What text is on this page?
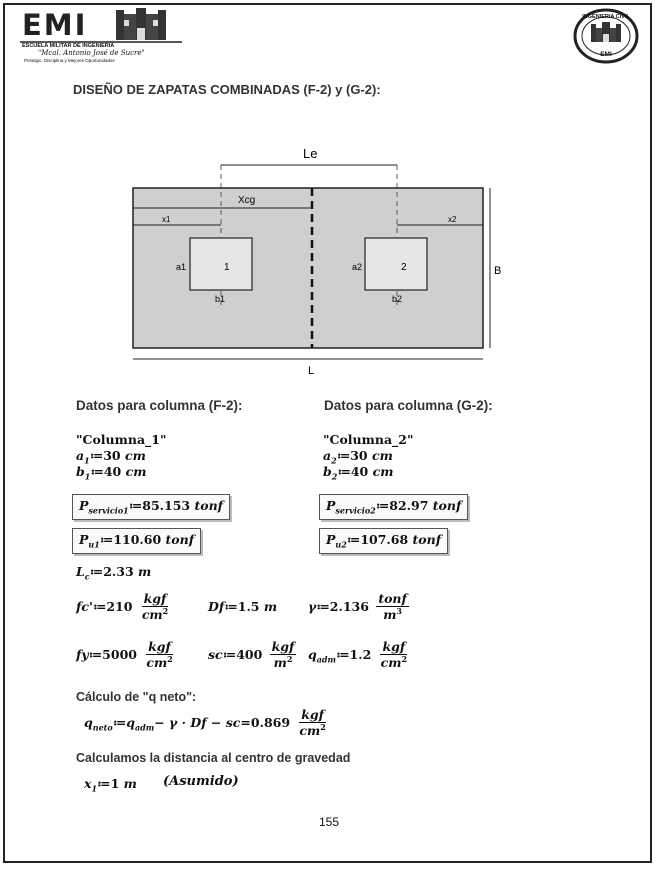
EMI
ESCUELA MILITAR DE INGENIERIA
"Mcal. Antonio José de Sucre"
Prestigio, Disciplina y Mejores Oportunidades
INGENIERIA CIVIL
EMI
DISEÑO DE ZAPATAS COMBINADAS (F-2) y (G-2):
Le
Xcg
x1	x2
a1	a2
b1	b2
1	2	B
L
Datos para columna (F-2):	Datos para columna (G-2):
"Columna_1"
$a_1≔30$ cm
$b_1≔40$ cm
$P_{servicio1}≔85.153$ tonf
$P_{u1}≔110.60$ tonf
"Columna_2"
$a_2≔30$ cm
$b_2≔40$ cm
$P_{servicio2}≔82.97$ tonf
$P_{u2}≔107.68$ tonf
$L_c≔2.33$ m
fc'≔210 $\frac{\text{kgf}}{cm^2}$	Df≔1.5 m γ≔2.136 $\frac{\text{tonf}}{m^3}$
fy≔5000 $\frac{\text{kgf}}{cm^2}$	sc≔400 $\frac{\text{kgf}}{m^2}$ $q_{adm}≔1.2 \frac{\text{kgf}}{cm^2}$
Cálculo de "q neto":
$q_{neto}≔q_{adm}- \gamma \cdot Df - sc=0.869 \frac{\text{kgf}}{cm^2}$
Calculamos la distancia al centro de gravedad
$x_1≔1$ m (Asumido)
155
